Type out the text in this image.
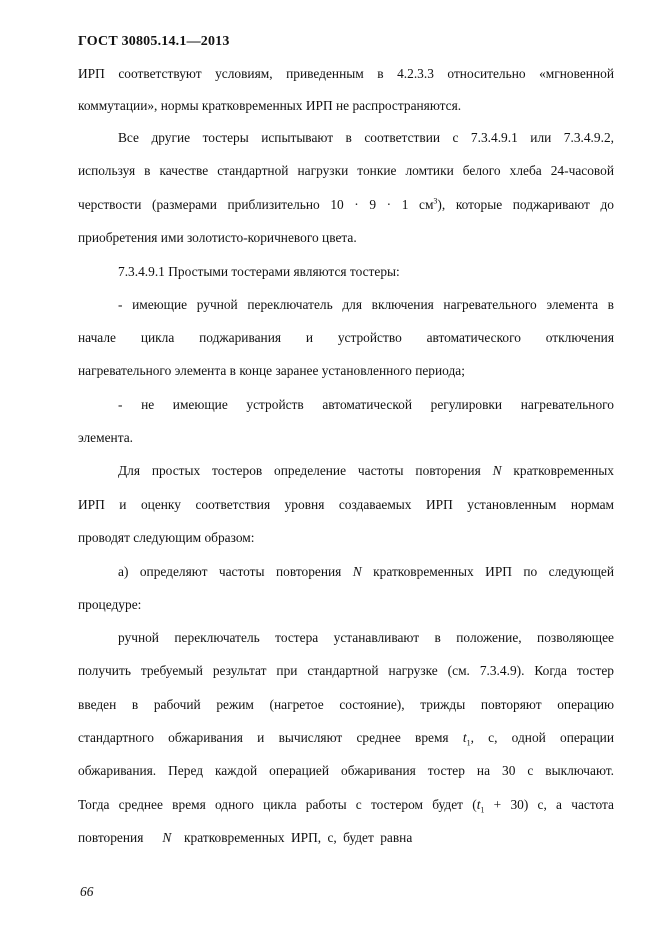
ГОСТ 30805.14.1—2013
ИРП соответствуют условиям, приведенным в 4.2.3.3 относительно «мгновенной
коммутации», нормы кратковременных ИРП не распространяются.
Все другие тостеры испытывают в соответствии с 7.3.4.9.1 или 7.3.4.9.2,
используя в качестве стандартной нагрузки тонкие ломтики белого хлеба 24-часовой
черствости (размерами приблизительно 10 · 9 · 1 $см^3$), которые поджаривают до
приобретения ими золотисто-коричневого цвета.
7.3.4.9.1 Простыми тостерами являются тостеры:
- имеющие ручной переключатель для включения нагревательного элемента в
начале цикла поджаривания и устройство автоматического отключения
нагревательного элемента в конце заранее установленного периода;
- не имеющие устройств автоматической регулировки нагревательного
элемента.
Для простых тостеров определение частоты повторения N кратковременных
ИРП и оценку соответствия уровня создаваемых ИРП установленным нормам
проводят следующим образом:
а) определяют частоты повторения N кратковременных ИРП по следующей
процедуре:
ручной переключатель тостера устанавливают в положение, позволяющее
получить требуемый результат при стандартной нагрузке (см. 7.3.4.9). Когда тостер
введен в рабочий режим (нагретое состояние), трижды повторяют операцию
стандартного обжаривания и вычисляют среднее время $t_1$, с, одной операции
обжаривания. Перед каждой операцией обжаривания тостер на 30 с выключают.
Тогда среднее время одного цикла работы с тостером будет $(t_1 + 30)$ с, а частота
повторения N кратковременных ИРП, с, будет равна
66
